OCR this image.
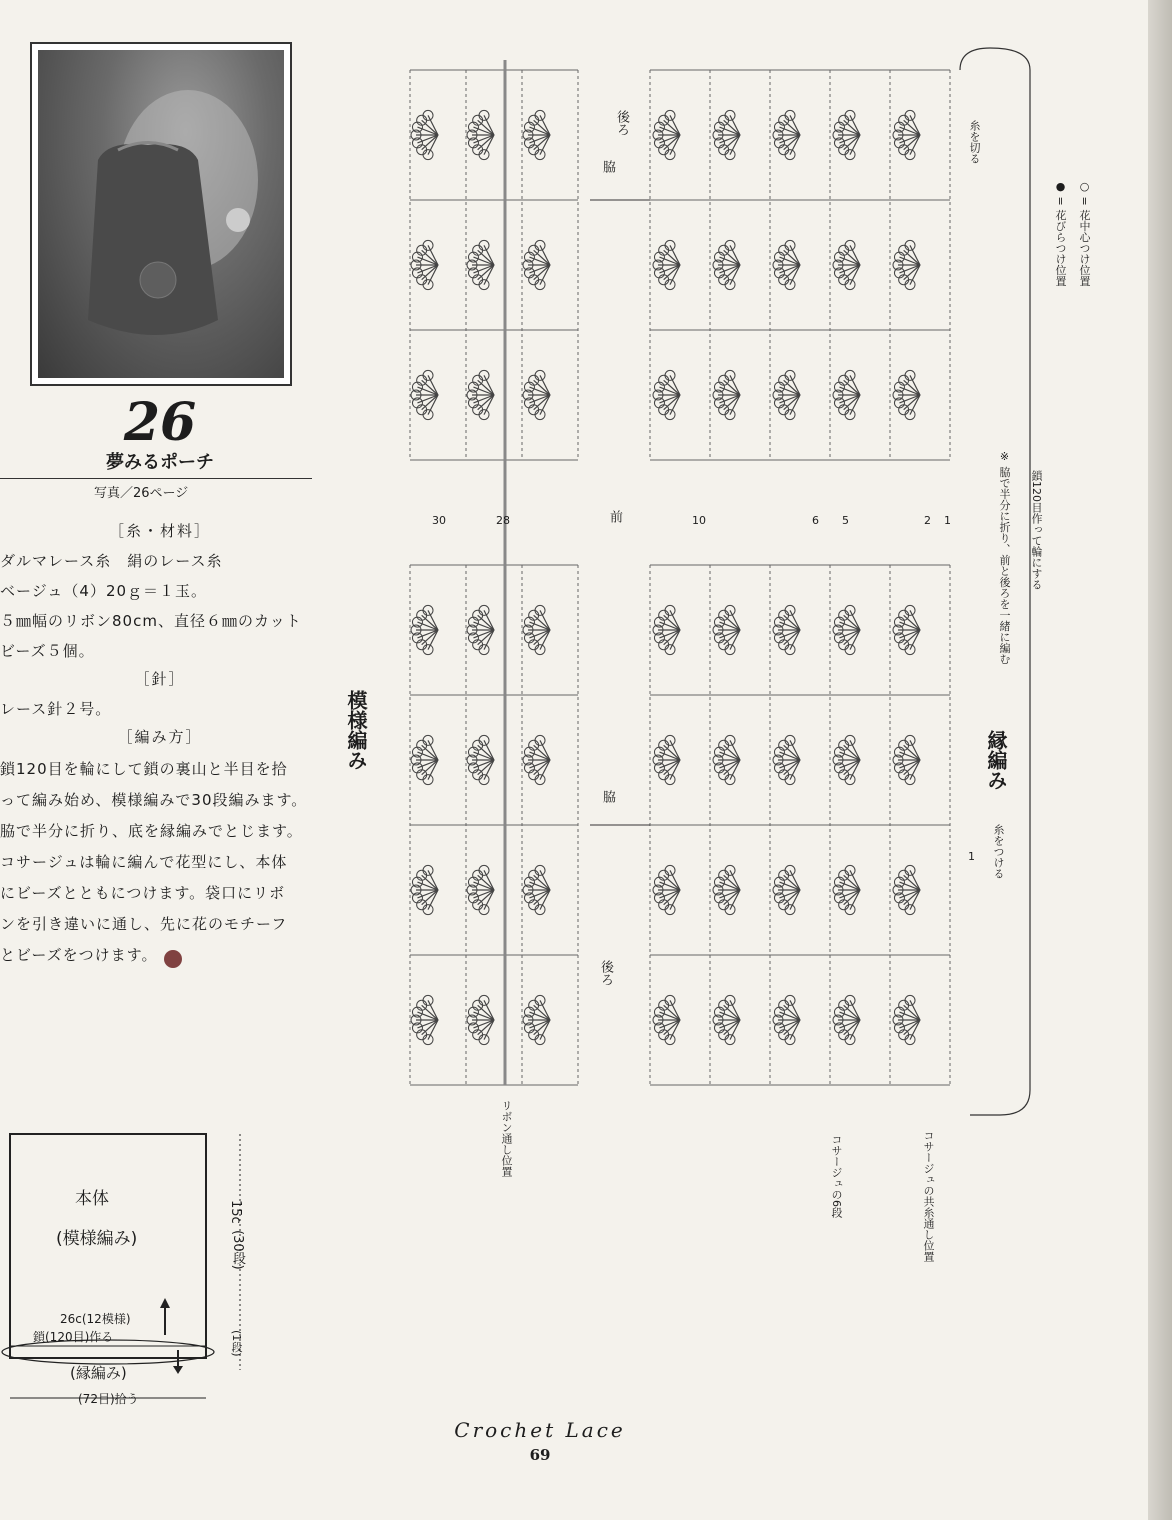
26
夢みるポーチ
写真／26ページ
［糸・材料］
ダルマレース糸　絹のレース糸
ベージュ（4）20ｇ＝１玉。
５㎜幅のリボン80cm、直径６㎜のカット
ビーズ５個。
［針］
レース針２号。
［編み方］
鎖120目を輪にして鎖の裏山と半目を拾
って編み始め、模様編みで30段編みます。
脇で半分に折り、底を縁編みでとじます。
コサージュは輪に編んで花型にし、本体
にビーズとともにつけます。袋口にリボ
ンを引き違いに通し、先に花のモチーフ
とビーズをつけます。
本体
(模様編み)
26c(12模様)
鎖(120目)作る
(縁編み)
(72目)拾う
15c
(30段)
(1段)
模様編み	縁編み
後ろ
前
脇
脇
後ろ
糸を切る
糸をつける
※ 脇で半分に折り、前と後ろを一緒に編む 鎖120目作って輪にする
リボン通し位置	コサージュの6段	コサージュの共糸通し位置
30	28	10	6 5	2 1
1
● = 花びらつけ位置 ○ = 花中心つけ位置
Crochet Lace
69
